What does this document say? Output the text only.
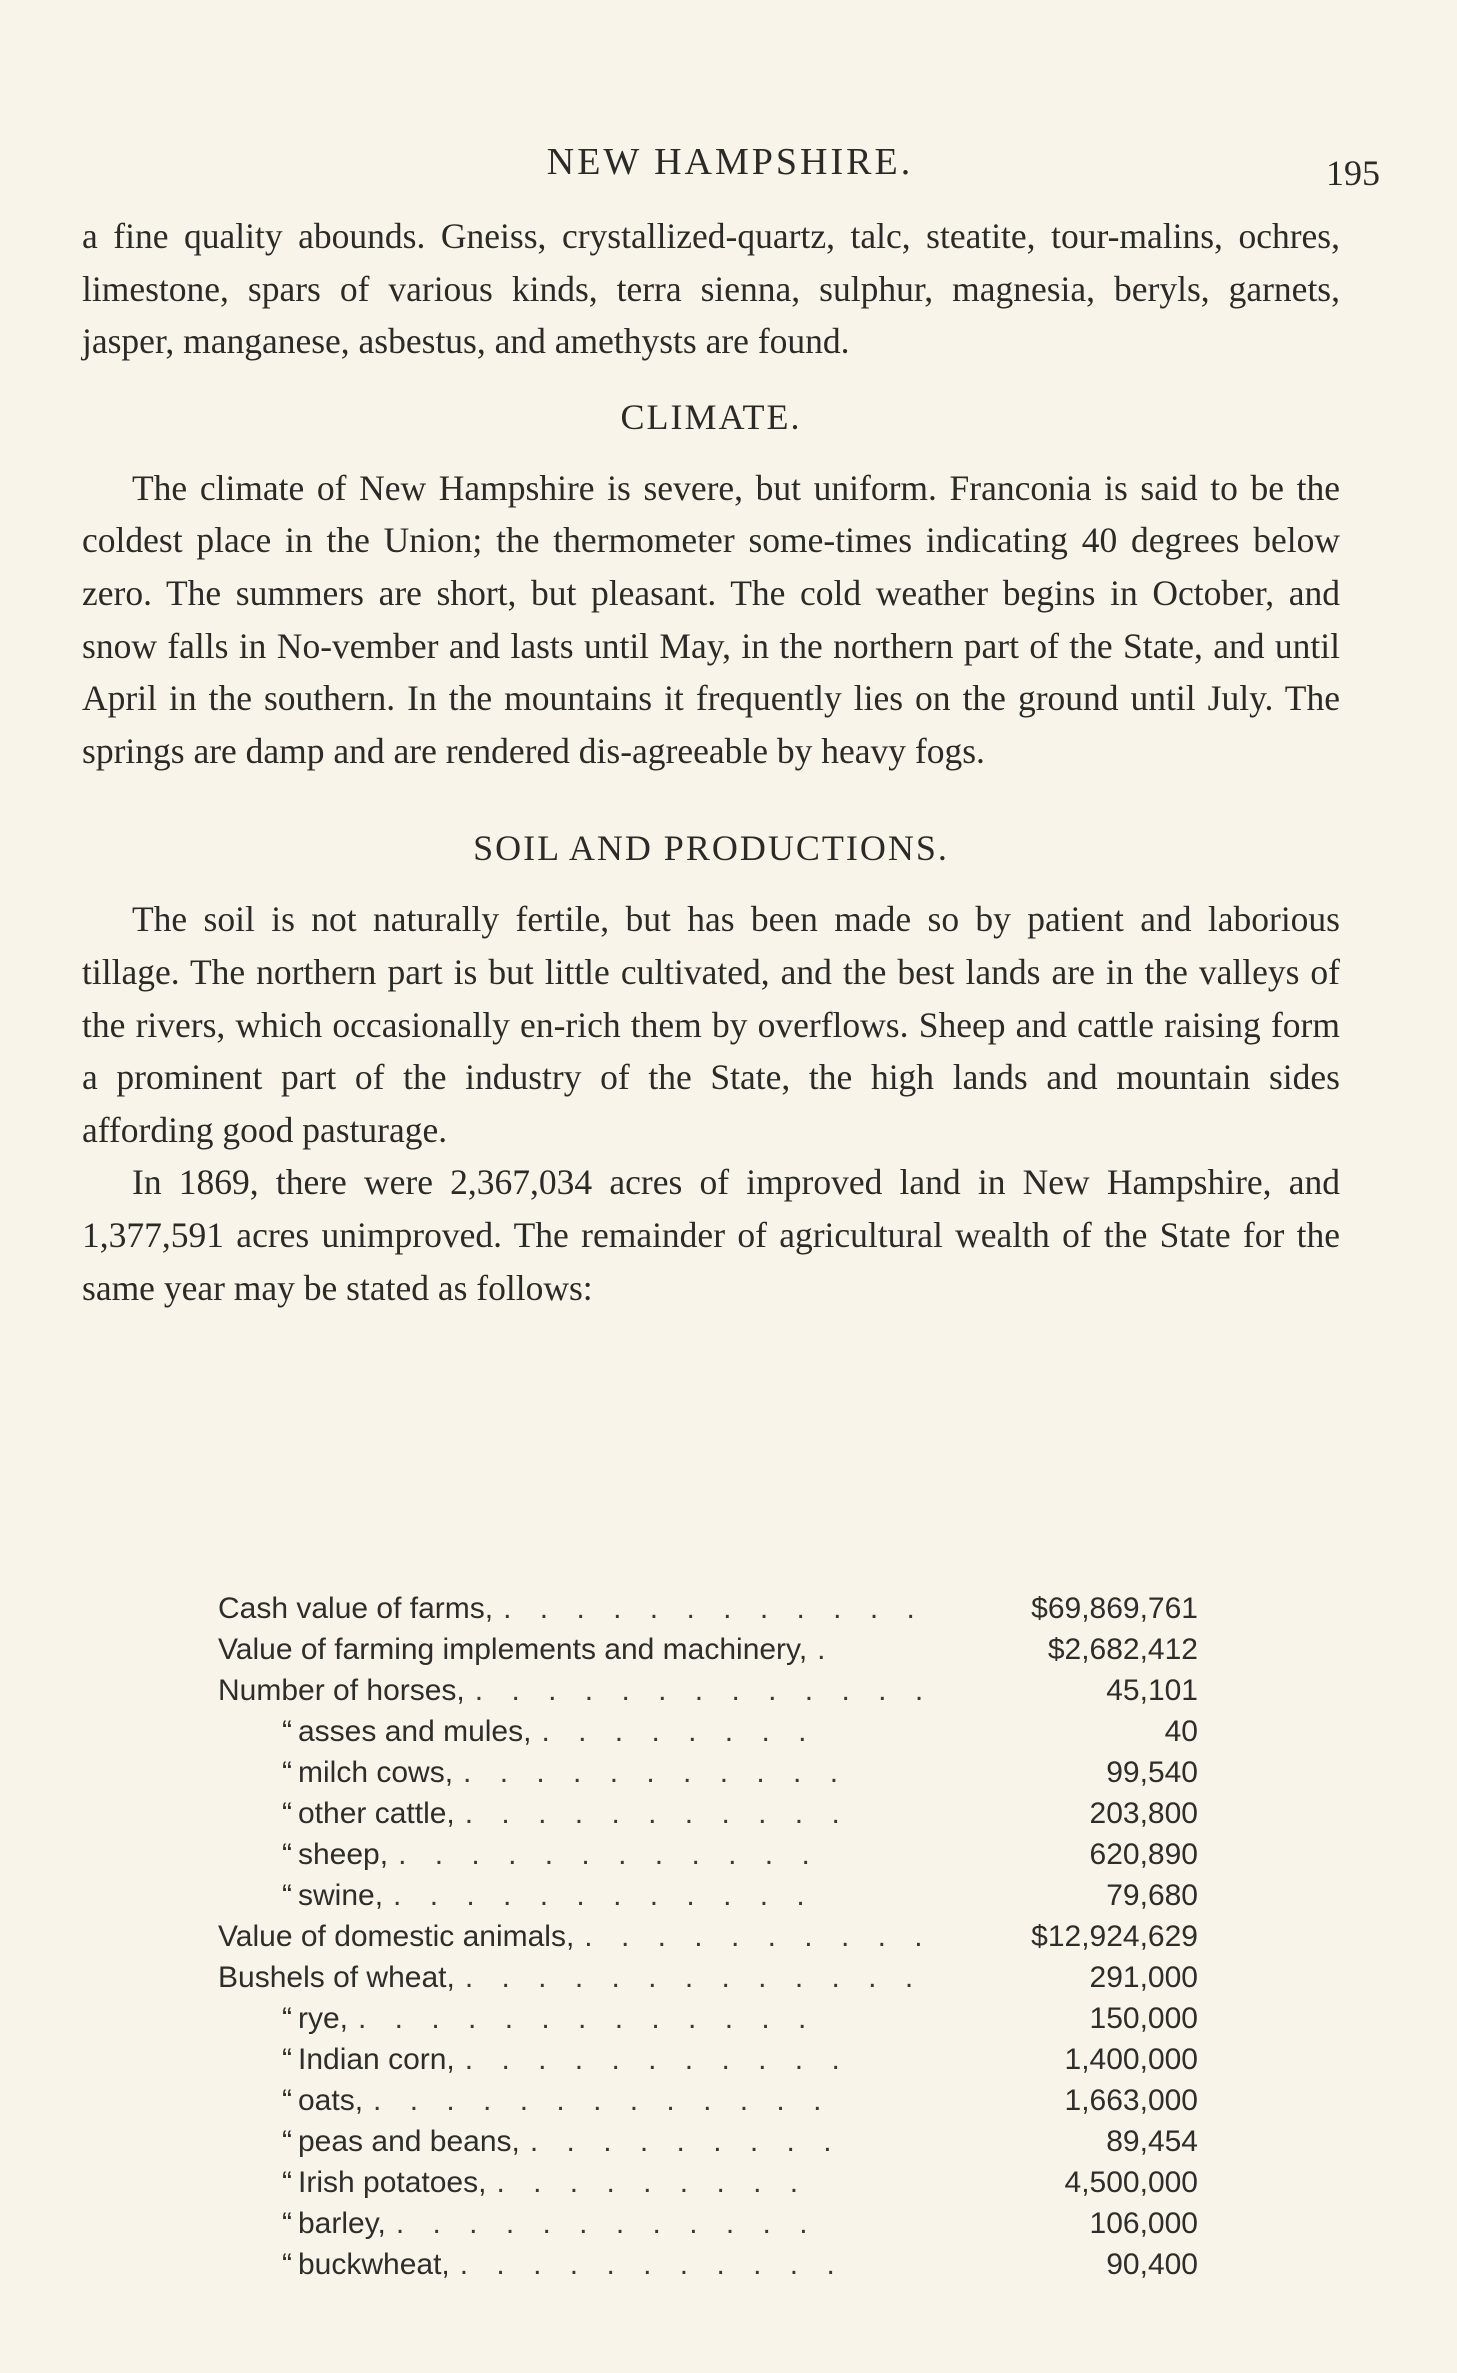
NEW HAMPSHIRE.	195

a fine quality abounds. Gneiss, crystallized-quartz, talc, steatite, tour-malins, ochres, limestone, spars of various kinds, terra sienna, sulphur, magnesia, beryls, garnets, jasper, manganese, asbestus, and amethysts are found.

CLIMATE.

The climate of New Hampshire is severe, but uniform. Franconia is said to be the coldest place in the Union; the thermometer some-times indicating 40 degrees below zero. The summers are short, but pleasant. The cold weather begins in October, and snow falls in No-vember and lasts until May, in the northern part of the State, and until April in the southern. In the mountains it frequently lies on the ground until July. The springs are damp and are rendered dis-agreeable by heavy fogs.

SOIL AND PRODUCTIONS.

The soil is not naturally fertile, but has been made so by patient and laborious tillage. The northern part is but little cultivated, and the best lands are in the valleys of the rivers, which occasionally en-rich them by overflows. Sheep and cattle raising form a prominent part of the industry of the State, the high lands and mountain sides affording good pasturage.

In 1869, there were 2,367,034 acres of improved land in New Hampshire, and 1,377,591 acres unimproved. The remainder of agricultural wealth of the State for the same year may be stated as follows:

Cash value of farms, . . . . . . . . . . . .	$69,869,761
Value of farming implements and machinery, .	$2,682,412
Number of horses, . . . . . . . . . . . . .	45,101
“ asses and mules, . . . . . . . .	40
“ milch cows, . . . . . . . . . . .	99,540
“ other cattle, . . . . . . . . . . .	203,800
“ sheep, . . . . . . . . . . . .	620,890
“ swine, . . . . . . . . . . . .	79,680
Value of domestic animals, . . . . . . . . . .	$12,924,629
Bushels of wheat, . . . . . . . . . . . . .	291,000
“ rye, . . . . . . . . . . . . .	150,000
“ Indian corn, . . . . . . . . . . .	1,400,000
“ oats, . . . . . . . . . . . . .	1,663,000
“ peas and beans, . . . . . . . . .	89,454
“ Irish potatoes, . . . . . . . . .	4,500,000
“ barley, . . . . . . . . . . . .	106,000
“ buckwheat, . . . . . . . . . . .	90,400
